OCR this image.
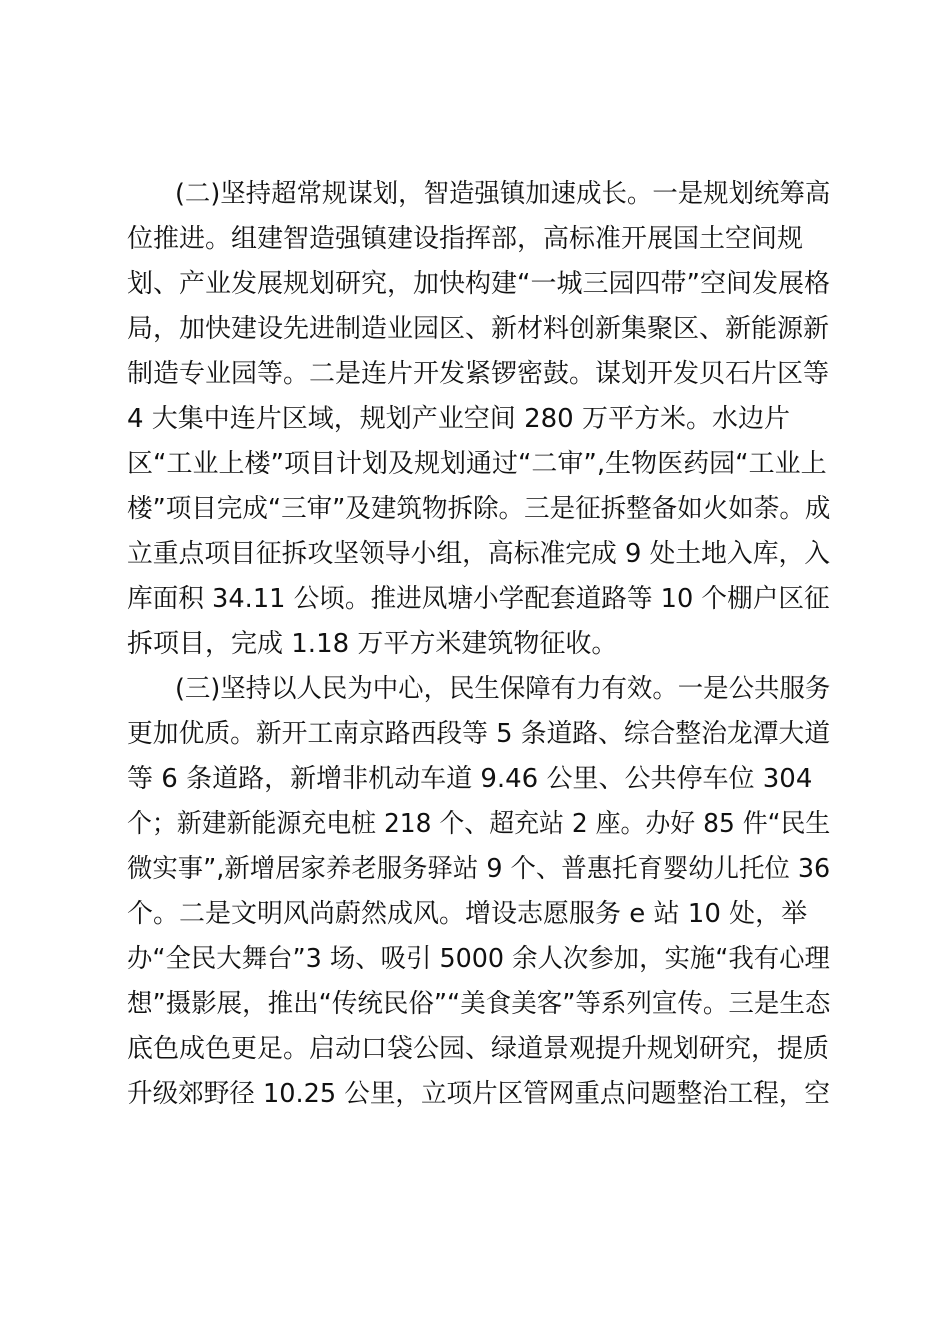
(二)坚持超常规谋划，智造强镇加速成长。一是规划统筹高
位推进。组建智造强镇建设指挥部，高标准开展国土空间规
划、产业发展规划研究，加快构建“一城三园四带”空间发展格
局，加快建设先进制造业园区、新材料创新集聚区、新能源新
制造专业园等。二是连片开发紧锣密鼓。谋划开发贝石片区等
4 大集中连片区域，规划产业空间 280 万平方米。水边片
区“工业上楼”项目计划及规划通过“二审”,生物医药园“工业上
楼”项目完成“三审”及建筑物拆除。三是征拆整备如火如荼。成
立重点项目征拆攻坚领导小组，高标准完成 9 处土地入库，入
库面积 34.11 公顷。推进凤塘小学配套道路等 10 个棚户区征
拆项目，完成 1.18 万平方米建筑物征收。
(三)坚持以人民为中心，民生保障有力有效。一是公共服务
更加优质。新开工南京路西段等 5 条道路、综合整治龙潭大道
等 6 条道路，新增非机动车道 9.46 公里、公共停车位 304
个；新建新能源充电桩 218 个、超充站 2 座。办好 85 件“民生
微实事”,新增居家养老服务驿站 9 个、普惠托育婴幼儿托位 36
个。二是文明风尚蔚然成风。增设志愿服务 e 站 10 处，举
办“全民大舞台”3 场、吸引 5000 余人次参加，实施“我有心理
想”摄影展，推出“传统民俗”“美食美客”等系列宣传。三是生态
底色成色更足。启动口袋公园、绿道景观提升规划研究，提质
升级郊野径 10.25 公里，立项片区管网重点问题整治工程，空
